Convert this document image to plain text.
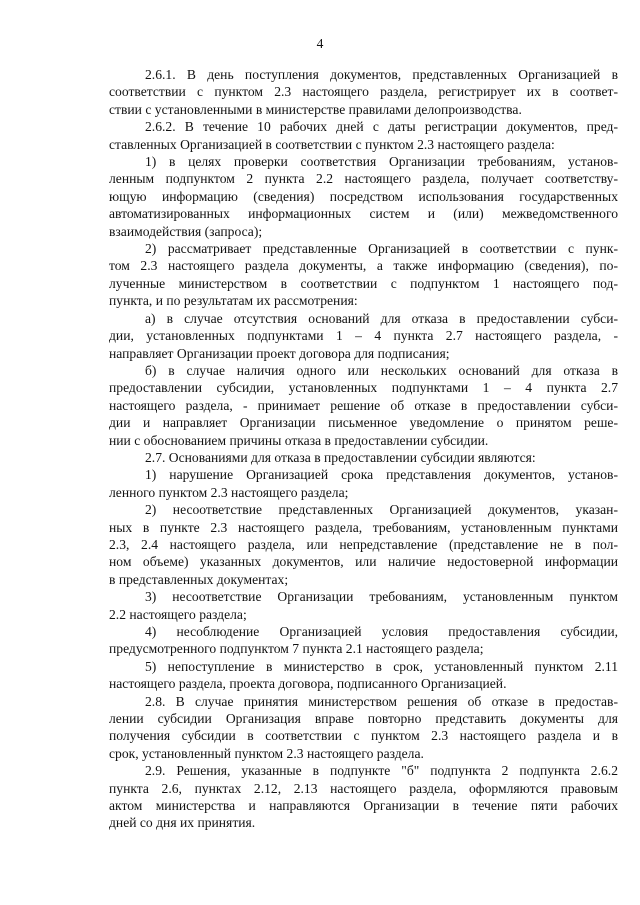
4
2.6.1. В день поступления документов, представленных Организацией в
соответствии с пунктом 2.3 настоящего раздела, регистрирует их в соответ-
ствии с установленными в министерстве правилами делопроизводства.
2.6.2. В течение 10 рабочих дней с даты регистрации документов, пред-
ставленных Организацией в соответствии с пунктом 2.3 настоящего раздела:
1) в целях проверки соответствия Организации требованиям, установ-
ленным подпунктом 2 пункта 2.2 настоящего раздела, получает соответству-
ющую информацию (сведения) посредством использования государственных
автоматизированных информационных систем и (или) межведомственного
взаимодействия (запроса);
2) рассматривает представленные Организацией в соответствии с пунк-
том 2.3 настоящего раздела документы, а также информацию (сведения), по-
лученные министерством в соответствии с подпунктом 1 настоящего под-
пункта, и по результатам их рассмотрения:
а) в случае отсутствия оснований для отказа в предоставлении субси-
дии, установленных подпунктами 1 – 4 пункта 2.7 настоящего раздела, -
направляет Организации проект договора для подписания;
б) в случае наличия одного или нескольких оснований для отказа в
предоставлении субсидии, установленных подпунктами 1 – 4 пункта 2.7
настоящего раздела, - принимает решение об отказе в предоставлении субси-
дии и направляет Организации письменное уведомление о принятом реше-
нии с обоснованием причины отказа в предоставлении субсидии.
2.7. Основаниями для отказа в предоставлении субсидии являются:
1) нарушение Организацией срока представления документов, установ-
ленного пунктом 2.3 настоящего раздела;
2) несоответствие представленных Организацией документов, указан-
ных в пункте 2.3 настоящего раздела, требованиям, установленным пунктами
2.3, 2.4 настоящего раздела, или непредставление (представление не в пол-
ном объеме) указанных документов, или наличие недостоверной информации
в представленных документах;
3) несоответствие Организации требованиям, установленным пунктом
2.2 настоящего раздела;
4) несоблюдение Организацией условия предоставления субсидии,
предусмотренного подпунктом 7 пункта 2.1 настоящего раздела;
5) непоступление в министерство в срок, установленный пунктом 2.11
настоящего раздела, проекта договора, подписанного Организацией.
2.8. В случае принятия министерством решения об отказе в предостав-
лении субсидии Организация вправе повторно представить документы для
получения субсидии в соответствии с пунктом 2.3 настоящего раздела и в
срок, установленный пунктом 2.3 настоящего раздела.
2.9. Решения, указанные в подпункте "б" подпункта 2 подпункта 2.6.2
пункта 2.6, пунктах 2.12, 2.13 настоящего раздела, оформляются правовым
актом министерства и направляются Организации в течение пяти рабочих
дней со дня их принятия.
